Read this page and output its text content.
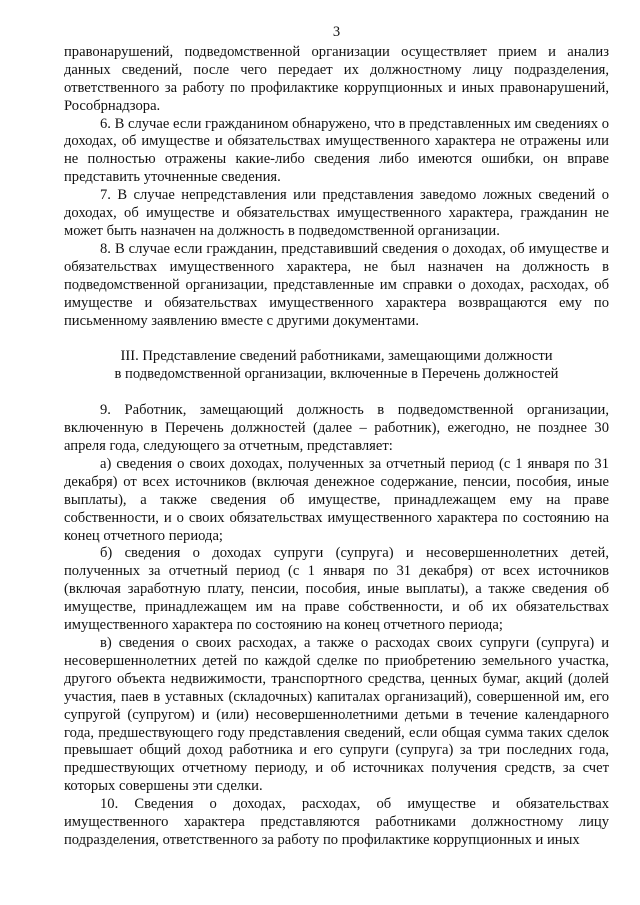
3

правонарушений, подведомственной организации осуществляет прием и анализ данных сведений, после чего передает их должностному лицу подразделения, ответственного за работу по профилактике коррупционных и иных правонарушений, Рособрнадзора.

6. В случае если гражданином обнаружено, что в представленных им сведениях о доходах, об имуществе и обязательствах имущественного характера не отражены или не полностью отражены какие-либо сведения либо имеются ошибки, он вправе представить уточненные сведения.

7. В случае непредставления или представления заведомо ложных сведений о доходах, об имуществе и обязательствах имущественного характера, гражданин не может быть назначен на должность в подведомственной организации.

8. В случае если гражданин, представивший сведения о доходах, об имуществе и обязательствах имущественного характера, не был назначен на должность в подведомственной организации, представленные им справки о доходах, расходах, об имуществе и обязательствах имущественного характера возвращаются ему по письменному заявлению вместе с другими документами.

III. Представление сведений работниками, замещающими должности
в подведомственной организации, включенные в Перечень должностей

9. Работник, замещающий должность в подведомственной организации, включенную в Перечень должностей (далее – работник), ежегодно, не позднее 30 апреля года, следующего за отчетным, представляет:

а) сведения о своих доходах, полученных за отчетный период (с 1 января по 31 декабря) от всех источников (включая денежное содержание, пенсии, пособия, иные выплаты), а также сведения об имуществе, принадлежащем ему на праве собственности, и о своих обязательствах имущественного характера по состоянию на конец отчетного периода;

б) сведения о доходах супруги (супруга) и несовершеннолетних детей, полученных за отчетный период (с 1 января по 31 декабря) от всех источников (включая заработную плату, пенсии, пособия, иные выплаты), а также сведения об имуществе, принадлежащем им на праве собственности, и об их обязательствах имущественного характера по состоянию на конец отчетного периода;

в) сведения о своих расходах, а также о расходах своих супруги (супруга) и несовершеннолетних детей по каждой сделке по приобретению земельного участка, другого объекта недвижимости, транспортного средства, ценных бумаг, акций (долей участия, паев в уставных (складочных) капиталах организаций), совершенной им, его супругой (супругом) и (или) несовершеннолетними детьми в течение календарного года, предшествующего году представления сведений, если общая сумма таких сделок превышает общий доход работника и его супруги (супруга) за три последних года, предшествующих отчетному периоду, и об источниках получения средств, за счет которых совершены эти сделки.

10. Сведения о доходах, расходах, об имуществе и обязательствах имущественного характера представляются работниками должностному лицу подразделения, ответственного за работу по профилактике коррупционных и иных
